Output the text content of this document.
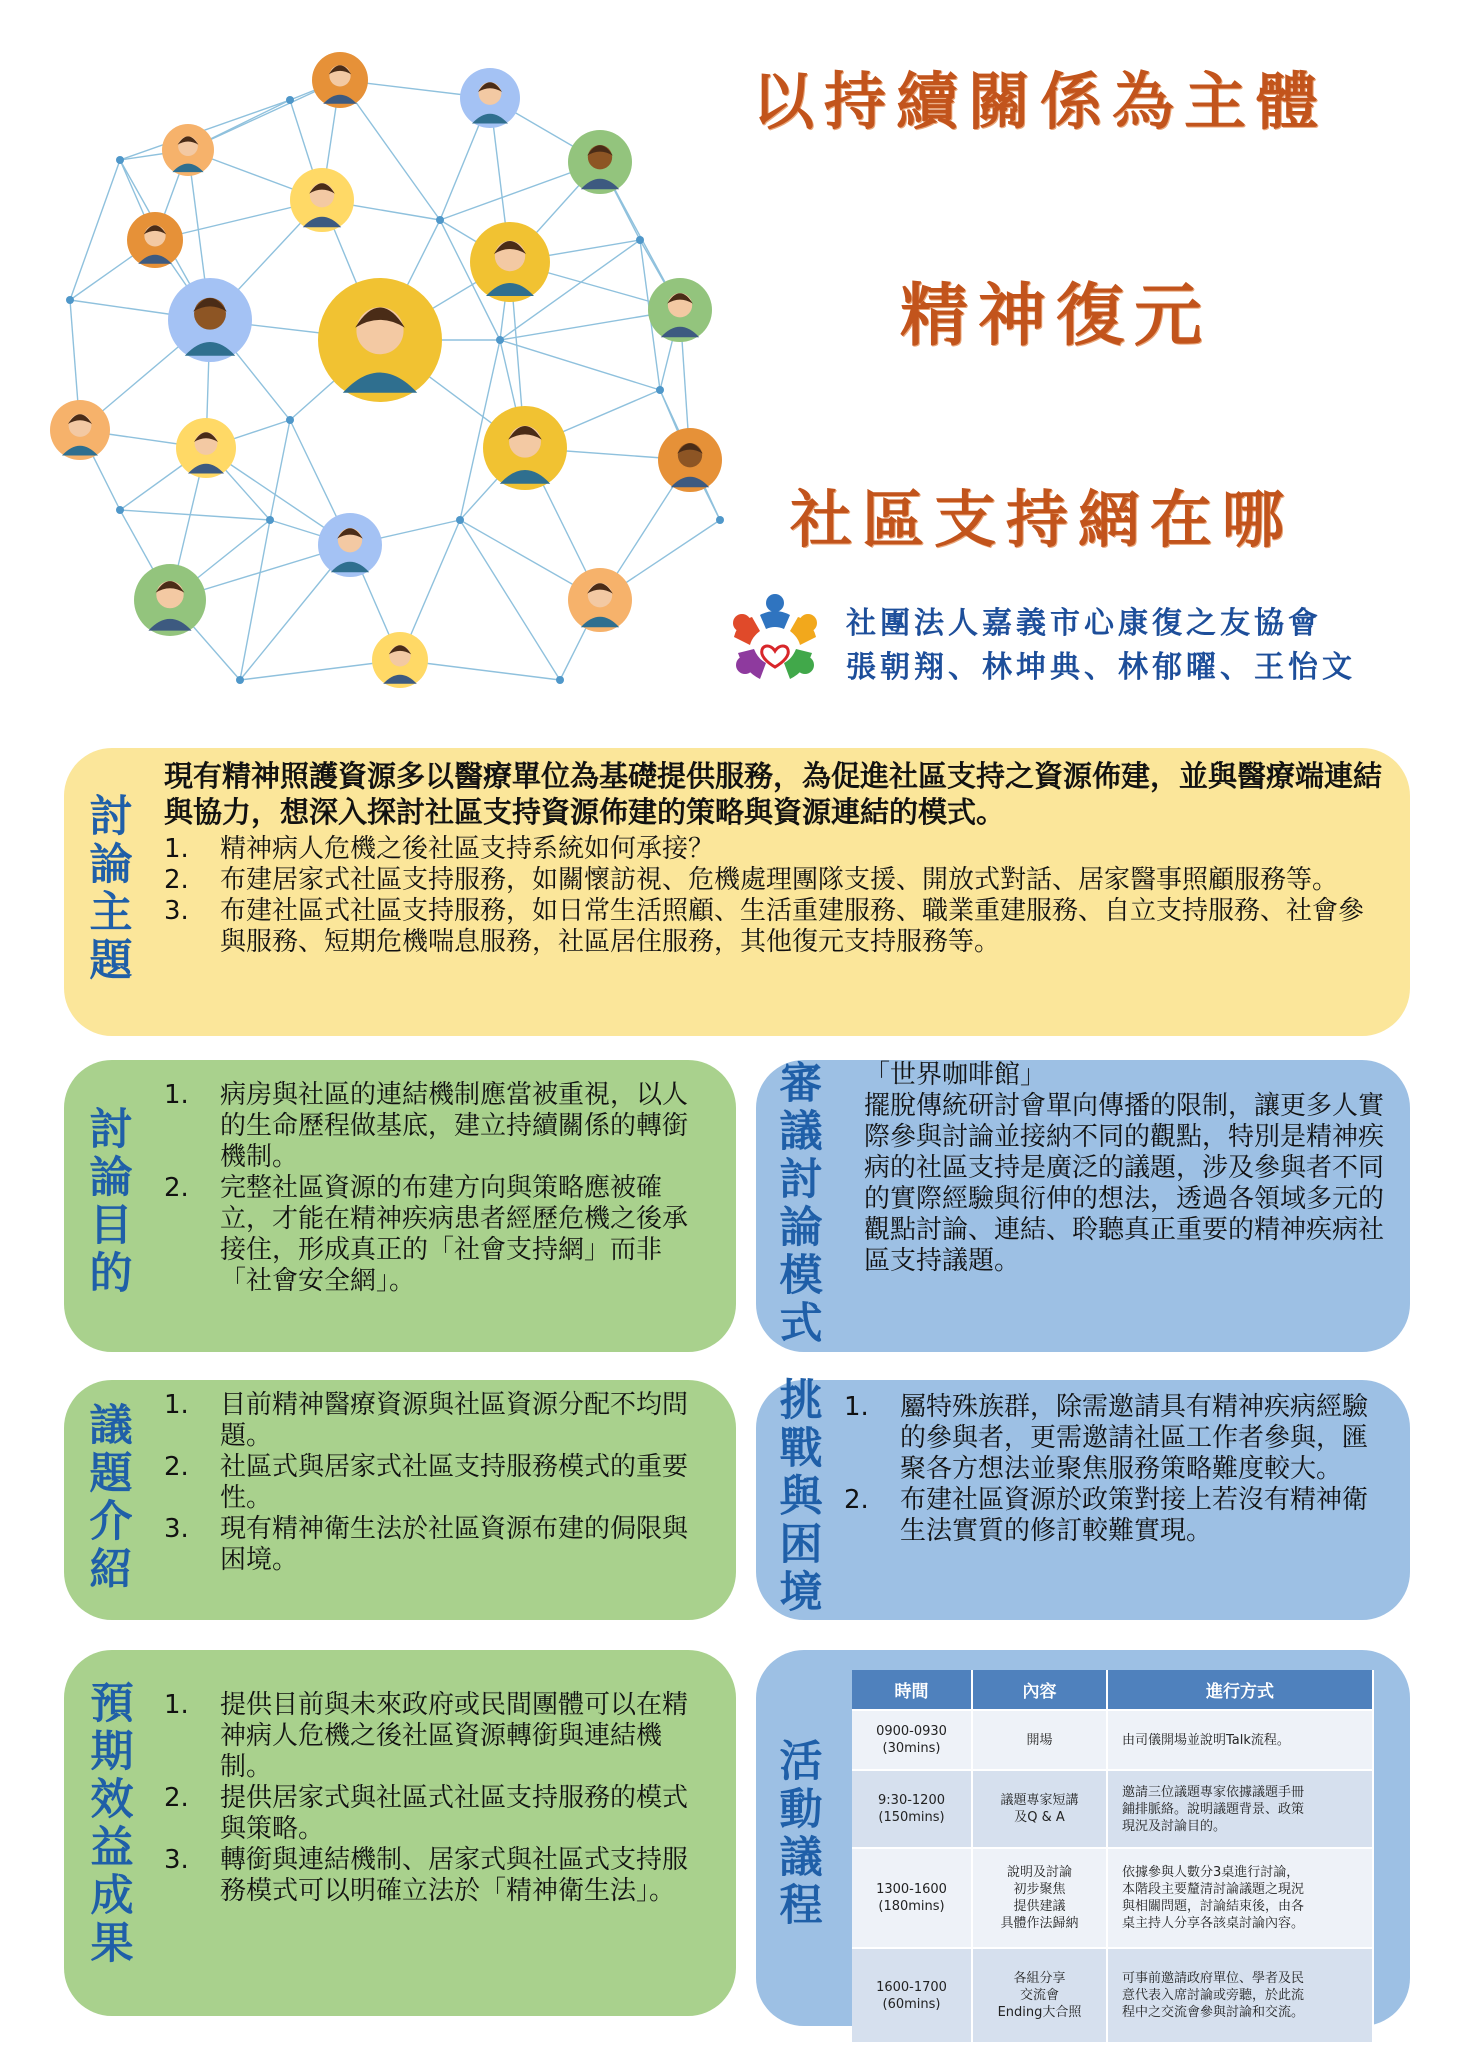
以持續關係為主體
精神復元
社區支持網在哪
社團法人嘉義市心康復之友協會
張朝翔、林坤典、林郁曜、王怡文
討
論
主
題
現有精神照護資源多以醫療單位為基礎提供服務，為促進社區支持之資源佈建，並與醫療端連結與協力，想深入探討社區支持資源佈建的策略與資源連結的模式。
1. 精神病人危機之後社區支持系統如何承接？
2. 布建居家式社區支持服務，如關懷訪視、危機處理團隊支援、開放式對話、居家醫事照顧服務等。
3. 布建社區式社區支持服務，如日常生活照顧、生活重建服務、職業重建服務、自立支持服務、社會參與服務、短期危機喘息服務，社區居住服務，其他復元支持服務等。
討
論
目
的
1. 病房與社區的連結機制應當被重視，以人的生命歷程做基底，建立持續關係的轉銜機制。
2. 完整社區資源的布建方向與策略應被確立，才能在精神疾病患者經歷危機之後承接住，形成真正的「社會支持網」而非「社會安全網」。
審
議
討
論
模
式
「世界咖啡館」
擺脫傳統研討會單向傳播的限制，讓更多人實際參與討論並接納不同的觀點，特別是精神疾病的社區支持是廣泛的議題，涉及參與者不同的實際經驗與衍伸的想法，透過各領域多元的觀點討論、連結、聆聽真正重要的精神疾病社區支持議題。
議
題
介
紹
1. 目前精神醫療資源與社區資源分配不均問題。
2. 社區式與居家式社區支持服務模式的重要性。
3. 現有精神衛生法於社區資源布建的侷限與困境。
挑
戰
與
困
境
1. 屬特殊族群，除需邀請具有精神疾病經驗的參與者，更需邀請社區工作者參與，匯聚各方想法並聚焦服務策略難度較大。
2. 布建社區資源於政策對接上若沒有精神衛生法實質的修訂較難實現。
預
期
效
益
成
果
1. 提供目前與未來政府或民間團體可以在精神病人危機之後社區資源轉銜與連結機制。
2. 提供居家式與社區式社區支持服務的模式與策略。
3. 轉銜與連結機制、居家式與社區式支持服務模式可以明確立法於「精神衛生法」。
活
動
議
程
時間	內容	進行方式

0900-0930
(30mins)	開場	由司儀開場並說明Talk流程。

9:30-1200
(150mins)	議題專家短講
及Q & A	邀請三位議題專家依據議題手冊
鋪排脈絡。說明議題背景、政策
現況及討論目的。

1300-1600
(180mins)	說明及討論
初步聚焦
提供建議
具體作法歸納	依據參與人數分3桌進行討論，
本階段主要釐清討論議題之現況
與相關問題，討論結束後，由各
桌主持人分享各該桌討論內容。

1600-1700
(60mins)	各組分享
交流會
Ending大合照	可事前邀請政府單位、學者及民
意代表入席討論或旁聽，於此流
程中之交流會參與討論和交流。
